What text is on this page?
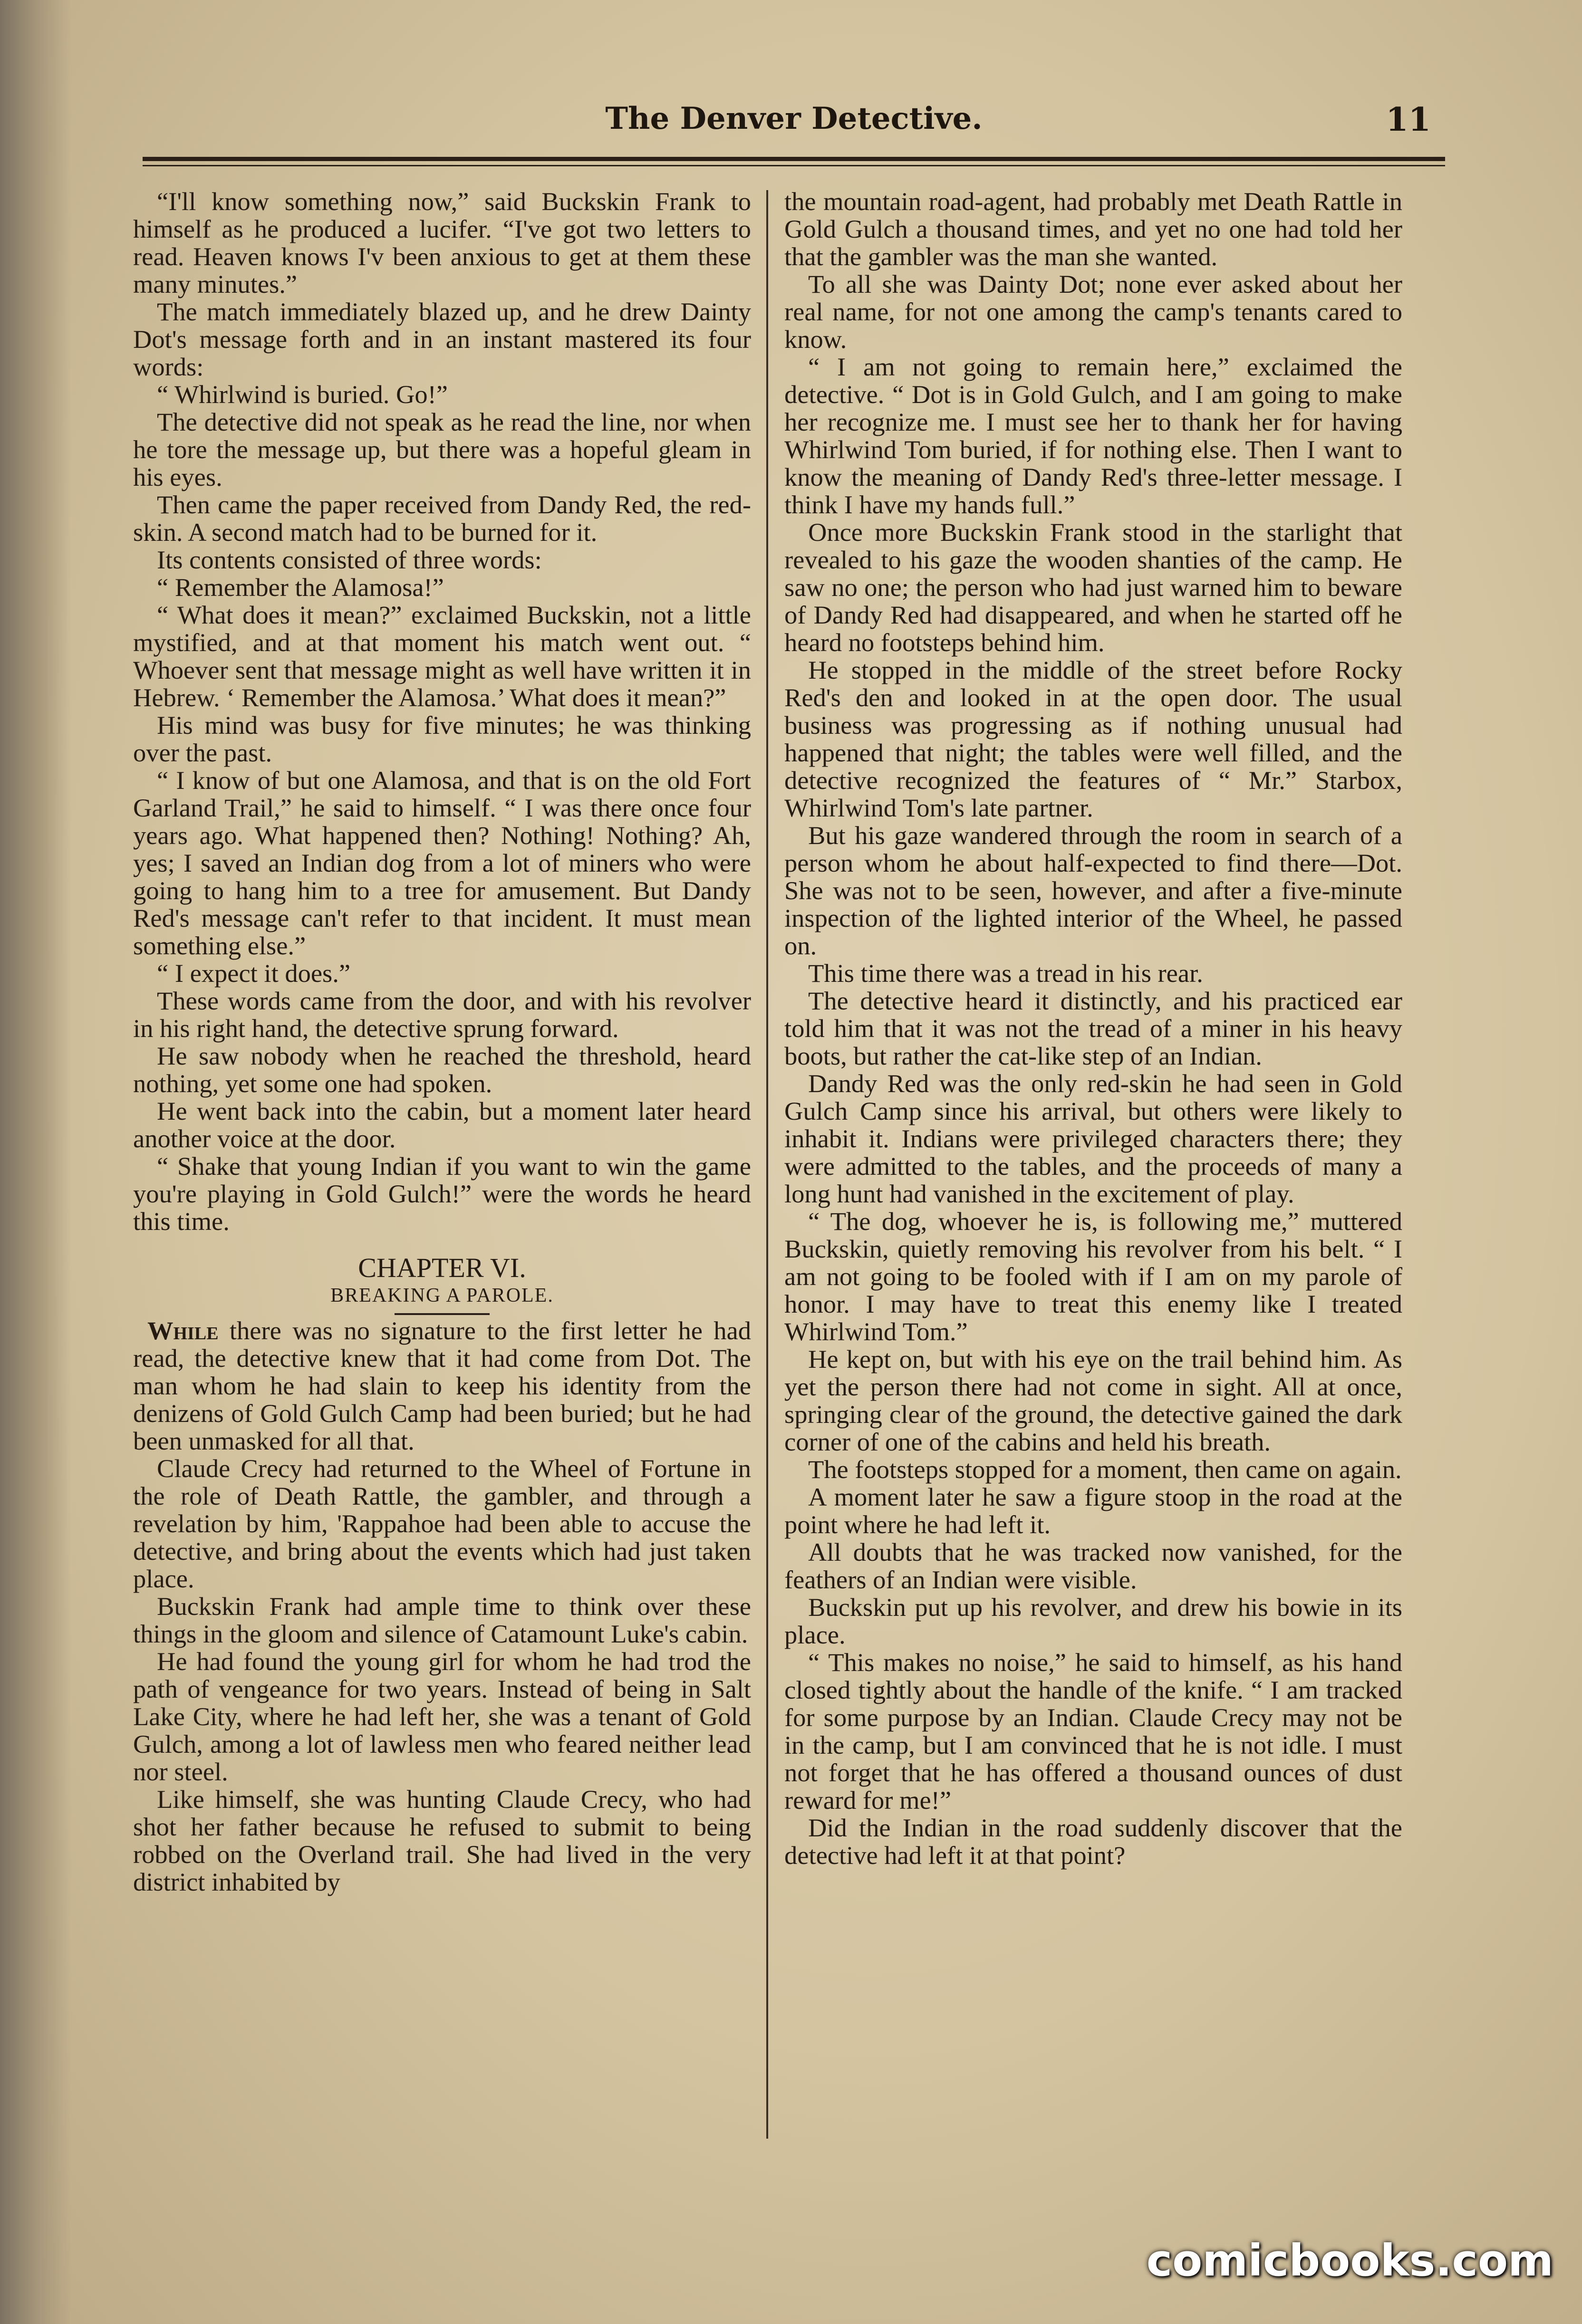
The Denver Detective.	11

“I'll know something now,” said Buckskin Frank to himself as he produced a lucifer. “I've got two letters to read. Heaven knows I'v been anxious to get at them these many minutes.”

The match immediately blazed up, and he drew Dainty Dot's message forth and in an instant mastered its four words:

“ Whirlwind is buried. Go!”

The detective did not speak as he read the line, nor when he tore the message up, but there was a hopeful gleam in his eyes.

Then came the paper received from Dandy Red, the red-skin. A second match had to be burned for it.

Its contents consisted of three words:

“ Remember the Alamosa!”

“ What does it mean?” exclaimed Buckskin, not a little mystified, and at that moment his match went out. “ Whoever sent that message might as well have written it in Hebrew. ‘ Remember the Alamosa.’ What does it mean?”

His mind was busy for five minutes; he was thinking over the past.

“ I know of but one Alamosa, and that is on the old Fort Garland Trail,” he said to himself. “ I was there once four years ago. What happened then? Nothing! Nothing? Ah, yes; I saved an Indian dog from a lot of miners who were going to hang him to a tree for amusement. But Dandy Red's message can't refer to that incident. It must mean something else.”

“ I expect it does.”

These words came from the door, and with his revolver in his right hand, the detective sprung forward.

He saw nobody when he reached the threshold, heard nothing, yet some one had spoken.

He went back into the cabin, but a moment later heard another voice at the door.

“ Shake that young Indian if you want to win the game you're playing in Gold Gulch!” were the words he heard this time.

CHAPTER VI.

BREAKING A PAROLE.

While there was no signature to the first letter he had read, the detective knew that it had come from Dot. The man whom he had slain to keep his identity from the denizens of Gold Gulch Camp had been buried; but he had been unmasked for all that.

Claude Crecy had returned to the Wheel of Fortune in the role of Death Rattle, the gambler, and through a revelation by him, 'Rappahoe had been able to accuse the detective, and bring about the events which had just taken place.

Buckskin Frank had ample time to think over these things in the gloom and silence of Catamount Luke's cabin.

He had found the young girl for whom he had trod the path of vengeance for two years. Instead of being in Salt Lake City, where he had left her, she was a tenant of Gold Gulch, among a lot of lawless men who feared neither lead nor steel.

Like himself, she was hunting Claude Crecy, who had shot her father because he refused to submit to being robbed on the Overland trail. She had lived in the very district inhabited by

the mountain road-agent, had probably met Death Rattle in Gold Gulch a thousand times, and yet no one had told her that the gambler was the man she wanted.

To all she was Dainty Dot; none ever asked about her real name, for not one among the camp's tenants cared to know.

“ I am not going to remain here,” exclaimed the detective. “ Dot is in Gold Gulch, and I am going to make her recognize me. I must see her to thank her for having Whirlwind Tom buried, if for nothing else. Then I want to know the meaning of Dandy Red's three-letter message. I think I have my hands full.”

Once more Buckskin Frank stood in the starlight that revealed to his gaze the wooden shanties of the camp. He saw no one; the person who had just warned him to beware of Dandy Red had disappeared, and when he started off he heard no footsteps behind him.

He stopped in the middle of the street before Rocky Red's den and looked in at the open door. The usual business was progressing as if nothing unusual had happened that night; the tables were well filled, and the detective recognized the features of “ Mr.” Starbox, Whirlwind Tom's late partner.

But his gaze wandered through the room in search of a person whom he about half-expected to find there—Dot. She was not to be seen, however, and after a five-minute inspection of the lighted interior of the Wheel, he passed on.

This time there was a tread in his rear.

The detective heard it distinctly, and his practiced ear told him that it was not the tread of a miner in his heavy boots, but rather the cat-like step of an Indian.

Dandy Red was the only red-skin he had seen in Gold Gulch Camp since his arrival, but others were likely to inhabit it. Indians were privileged characters there; they were admitted to the tables, and the proceeds of many a long hunt had vanished in the excitement of play.

“ The dog, whoever he is, is following me,” muttered Buckskin, quietly removing his revolver from his belt. “ I am not going to be fooled with if I am on my parole of honor. I may have to treat this enemy like I treated Whirlwind Tom.”

He kept on, but with his eye on the trail behind him. As yet the person there had not come in sight. All at once, springing clear of the ground, the detective gained the dark corner of one of the cabins and held his breath.

The footsteps stopped for a moment, then came on again.

A moment later he saw a figure stoop in the road at the point where he had left it.

All doubts that he was tracked now vanished, for the feathers of an Indian were visible.

Buckskin put up his revolver, and drew his bowie in its place.

“ This makes no noise,” he said to himself, as his hand closed tightly about the handle of the knife. “ I am tracked for some purpose by an Indian. Claude Crecy may not be in the camp, but I am convinced that he is not idle. I must not forget that he has offered a thousand ounces of dust reward for me!”

Did the Indian in the road suddenly discover that the detective had left it at that point?

comicbooks.com
